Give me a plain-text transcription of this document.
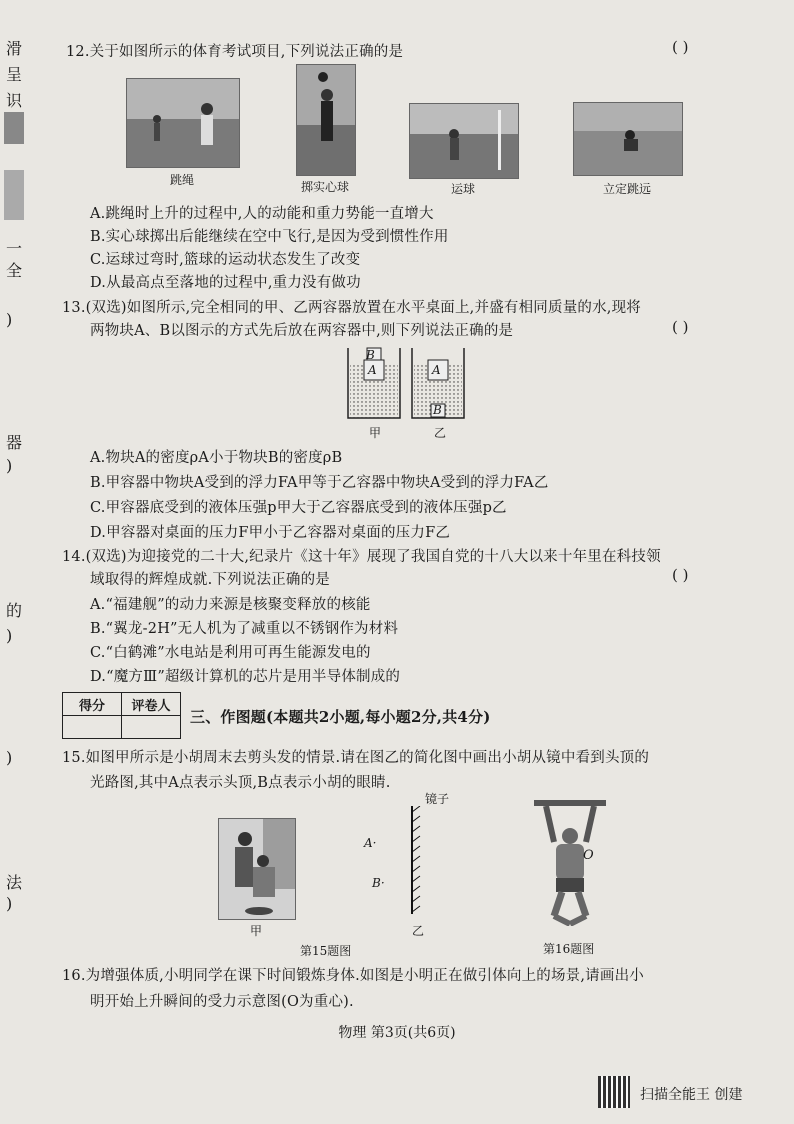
滑
呈
识
一
全
)
器
)
的
)
)
法
)
12.关于如图所示的体育考试项目,下列说法正确的是	( )
跳绳	掷实心球	运球	立定跳远
A.跳绳时上升的过程中,人的动能和重力势能一直增大
B.实心球掷出后能继续在空中飞行,是因为受到惯性作用
C.运球过弯时,篮球的运动状态发生了改变
D.从最高点至落地的过程中,重力没有做功
13.(双选)如图所示,完全相同的甲、乙两容器放置在水平桌面上,并盛有相同质量的水,现将
两物块A、B以图示的方式先后放在两容器中,则下列说法正确的是	( )
B
A	A
B
甲	乙
A.物块A的密度ρA小于物块B的密度ρB
B.甲容器中物块A受到的浮力FA甲等于乙容器中物块A受到的浮力FA乙
C.甲容器底受到的液体压强p甲大于乙容器底受到的液体压强p乙
D.甲容器对桌面的压力F甲小于乙容器对桌面的压力F乙
14.(双选)为迎接党的二十大,纪录片《这十年》展现了我国自党的十八大以来十年里在科技领
域取得的辉煌成就.下列说法正确的是	( )
A.“福建舰”的动力来源是核聚变释放的核能
B.“翼龙-2H”无人机为了减重以不锈钢作为材料
C.“白鹤滩”水电站是利用可再生能源发电的
D.“魔方Ⅲ”超级计算机的芯片是用半导体制成的
得分	评卷人

三、作图题(本题共2小题,每小题2分,共4分)
15.如图甲所示是小胡周末去剪头发的情景.请在图乙的简化图中画出小胡从镜中看到头顶的
光路图,其中A点表示头顶,B点表示小胡的眼睛.
甲
镜子
A·
B·
乙
第15题图
O
第16题图
16.为增强体质,小明同学在课下时间锻炼身体.如图是小明正在做引体向上的场景,请画出小
明开始上升瞬间的受力示意图(O为重心).
物理 第3页(共6页)
扫描全能王 创建
